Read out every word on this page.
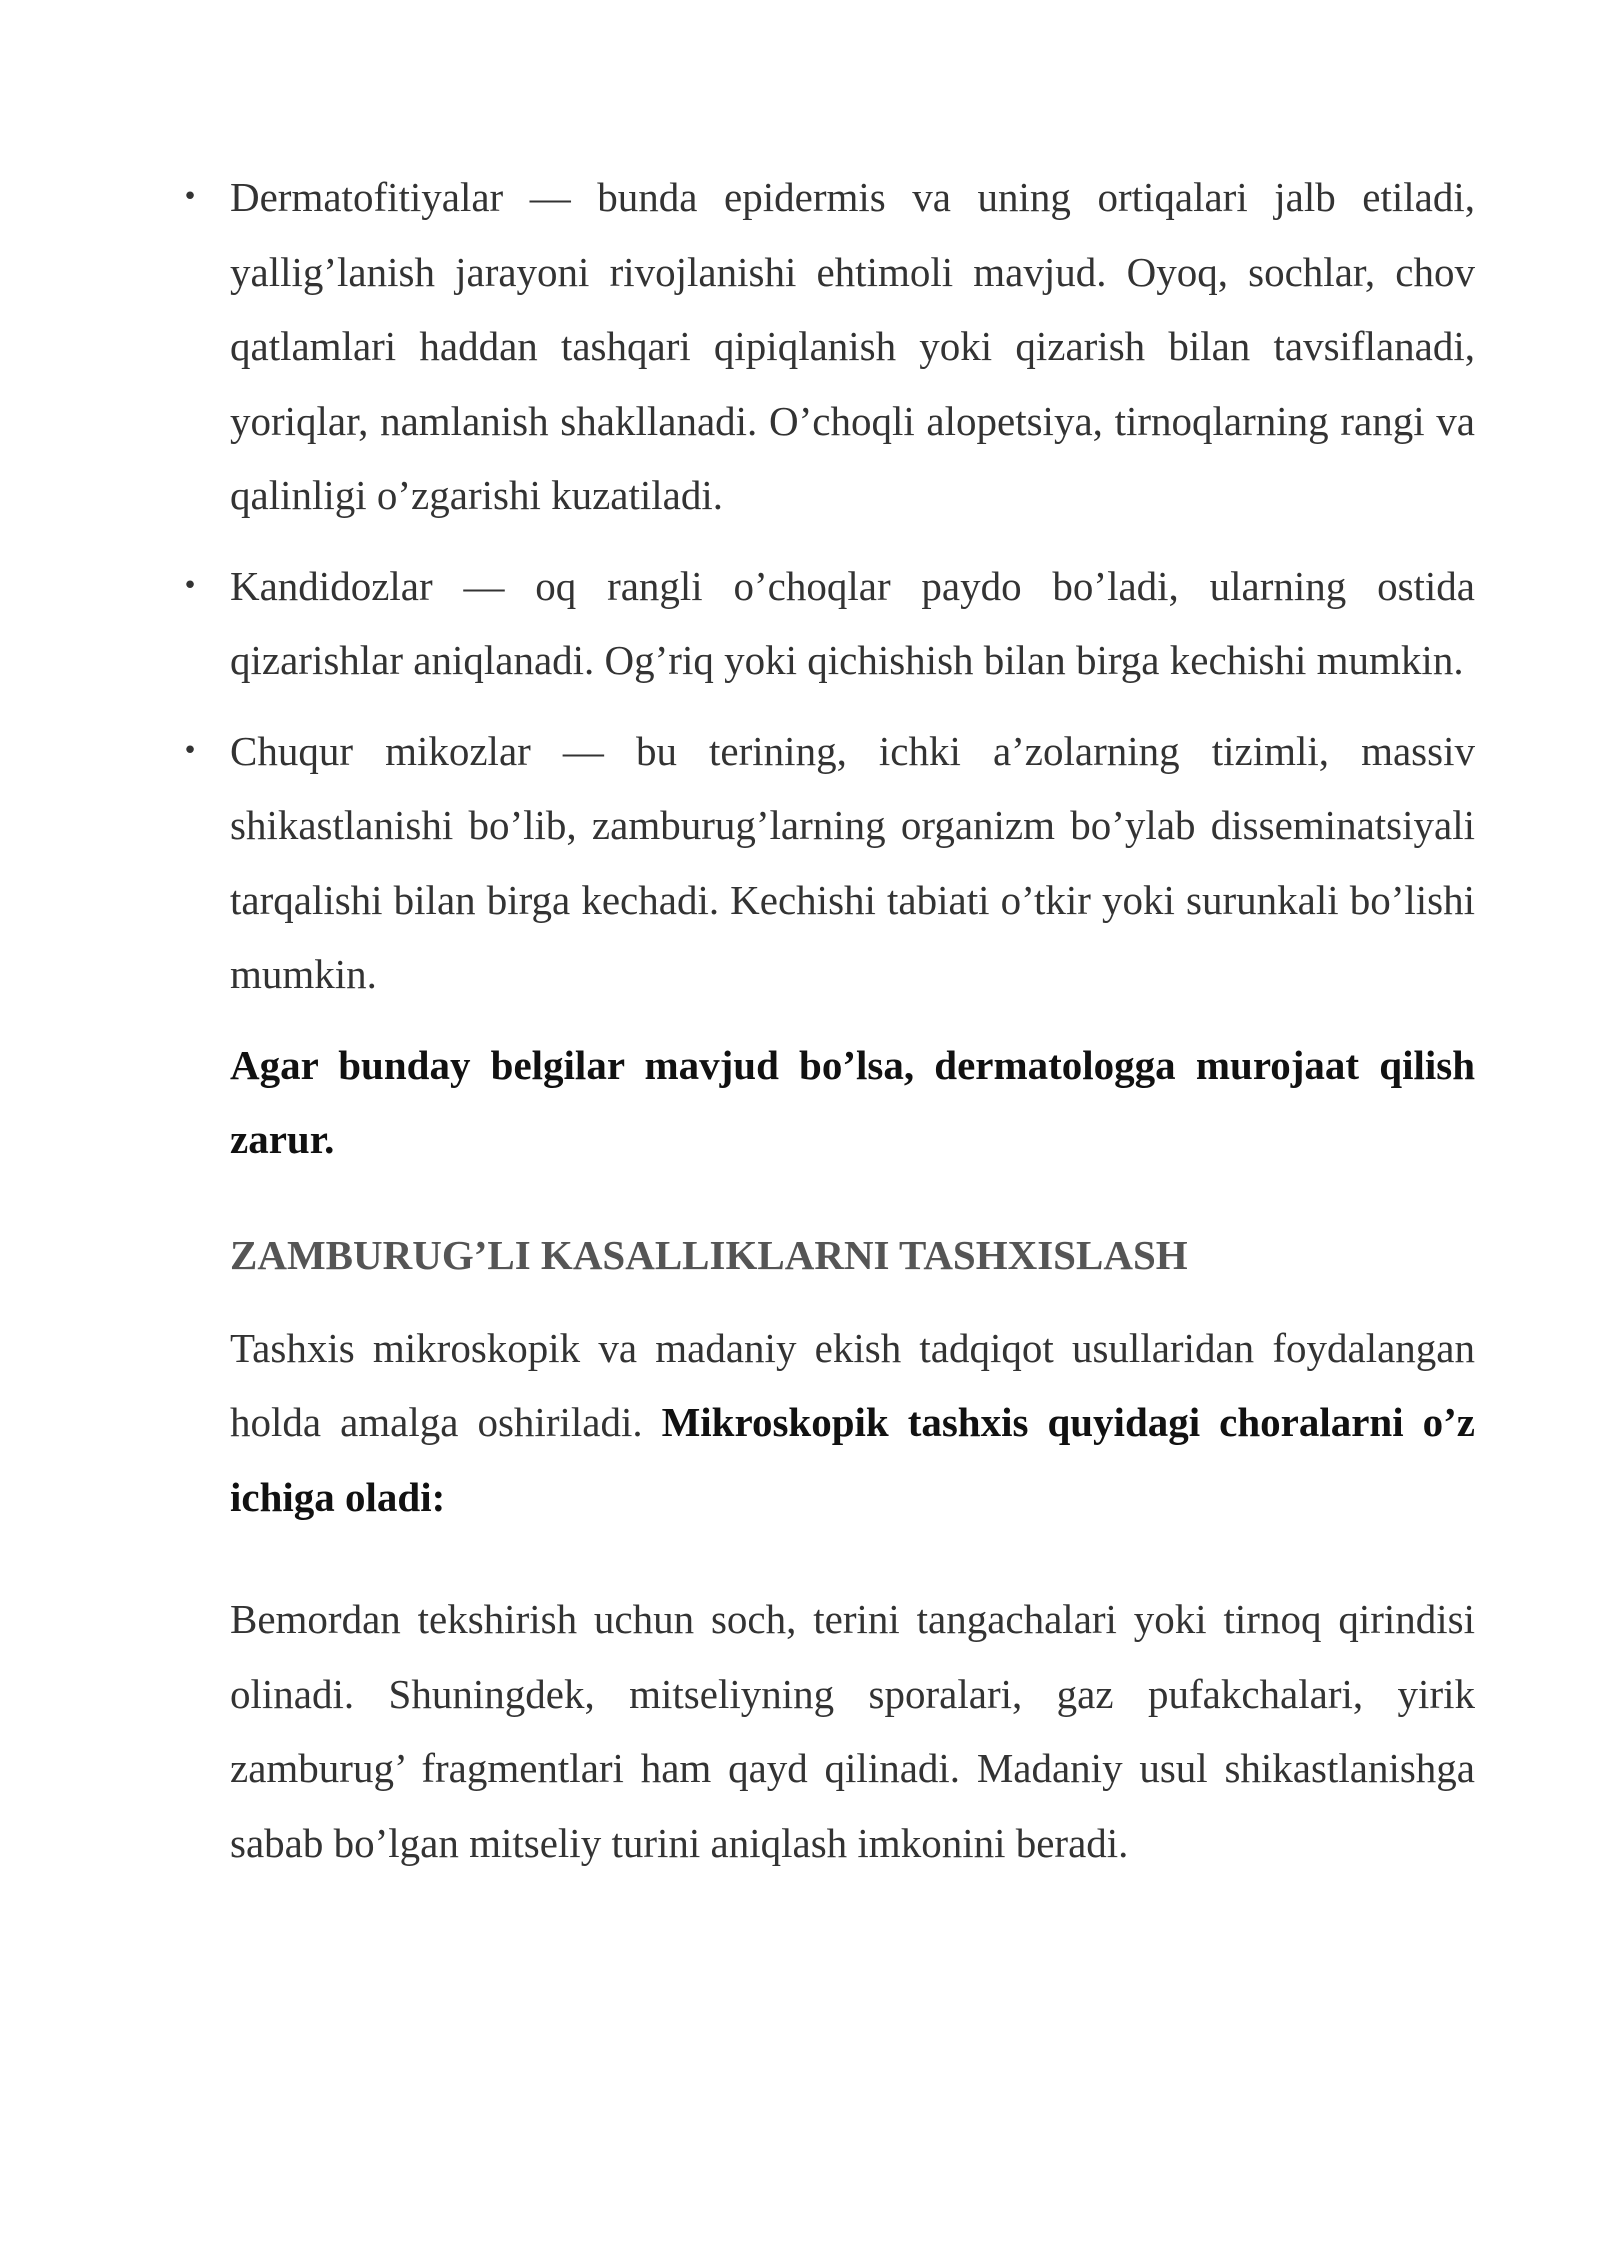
• Dermatofitiyalar — bunda epidermis va uning ortiqalari jalb etiladi, yallig’lanish jarayoni rivojlanishi ehtimoli mavjud. Oyoq, sochlar, chov qatlamlari haddan tashqari qipiqlanish yoki qizarish bilan tavsiflanadi, yoriqlar, namlanish shakllanadi. O’choqli alopetsiya, tirnoqlarning rangi va qalinligi o’zgarishi kuzatiladi.
• Kandidozlar — oq rangli o’choqlar paydo bo’ladi, ularning ostida qizarishlar aniqlanadi. Og’riq yoki qichishish bilan birga kechishi mumkin.
• Chuqur mikozlar — bu terining, ichki a’zolarning tizimli, massiv shikastlanishi bo’lib, zamburug’larning organizm bo’ylab disseminatsiyali tarqalishi bilan birga kechadi. Kechishi tabiati o’tkir yoki surunkali bo’lishi mumkin.

Agar bunday belgilar mavjud bo’lsa, dermatologga murojaat qilish zarur.

ZAMBURUG’LI KASALLIKLARNI TASHXISLASH

Tashxis mikroskopik va madaniy ekish tadqiqot usullaridan foydalangan holda amalga oshiriladi. Mikroskopik tashxis quyidagi choralarni o’z ichiga oladi:

Bemordan tekshirish uchun soch, terini tangachalari yoki tirnoq qirindisi olinadi. Shuningdek, mitseliyning sporalari, gaz pufakchalari, yirik zamburug’ fragmentlari ham qayd qilinadi. Madaniy usul shikastlanishga sabab bo’lgan mitseliy turini aniqlash imkonini beradi.
